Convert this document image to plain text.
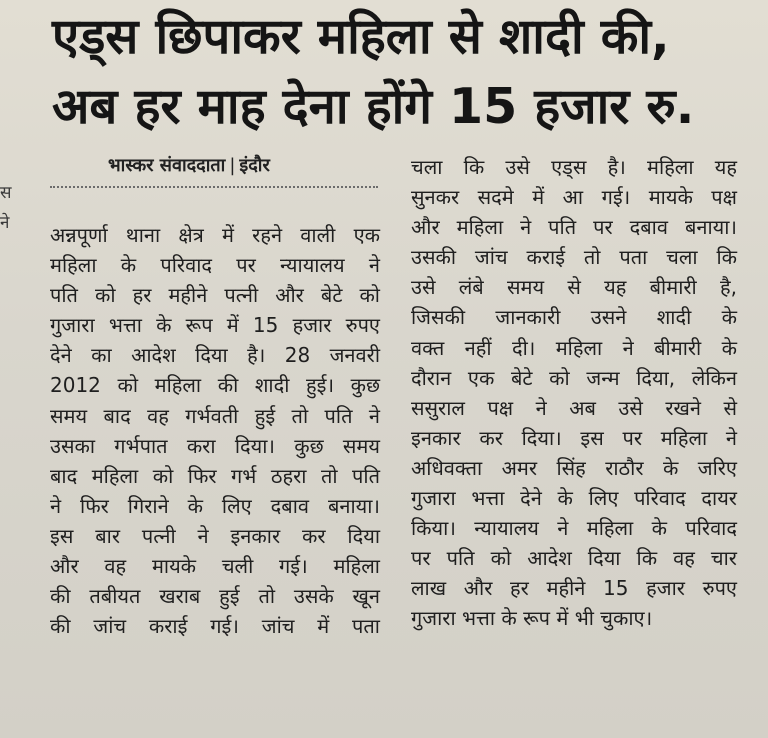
स
ने
एड्स छिपाकर महिला से शादी की,
अब हर माह देना होंगे 15 हजार रु.
भास्कर संवाददाता | इंदौर
अन्नपूर्णा थाना क्षेत्र में रहने वाली एक
महिला के परिवाद पर न्यायालय ने
पति को हर महीने पत्नी और बेटे को
गुजारा भत्ता के रूप में 15 हजार रुपए
देने का आदेश दिया है। 28 जनवरी
2012 को महिला की शादी हुई। कुछ
समय बाद वह गर्भवती हुई तो पति ने
उसका गर्भपात करा दिया। कुछ समय
बाद महिला को फिर गर्भ ठहरा तो पति
ने फिर गिराने के लिए दबाव बनाया।
इस बार पत्नी ने इनकार कर दिया
और वह मायके चली गई। महिला
की तबीयत खराब हुई तो उसके खून
की जांच कराई गई। जांच में पता
चला कि उसे एड्स है। महिला यह
सुनकर सदमे में आ गई। मायके पक्ष
और महिला ने पति पर दबाव बनाया।
उसकी जांच कराई तो पता चला कि
उसे लंबे समय से यह बीमारी है,
जिसकी जानकारी उसने शादी के
वक्त नहीं दी। महिला ने बीमारी के
दौरान एक बेटे को जन्म दिया, लेकिन
ससुराल पक्ष ने अब उसे रखने से
इनकार कर दिया। इस पर महिला ने
अधिवक्ता अमर सिंह राठौर के जरिए
गुजारा भत्ता देने के लिए परिवाद दायर
किया। न्यायालय ने महिला के परिवाद
पर पति को आदेश दिया कि वह चार
लाख और हर महीने 15 हजार रुपए
गुजारा भत्ता के रूप में भी चुकाए।
